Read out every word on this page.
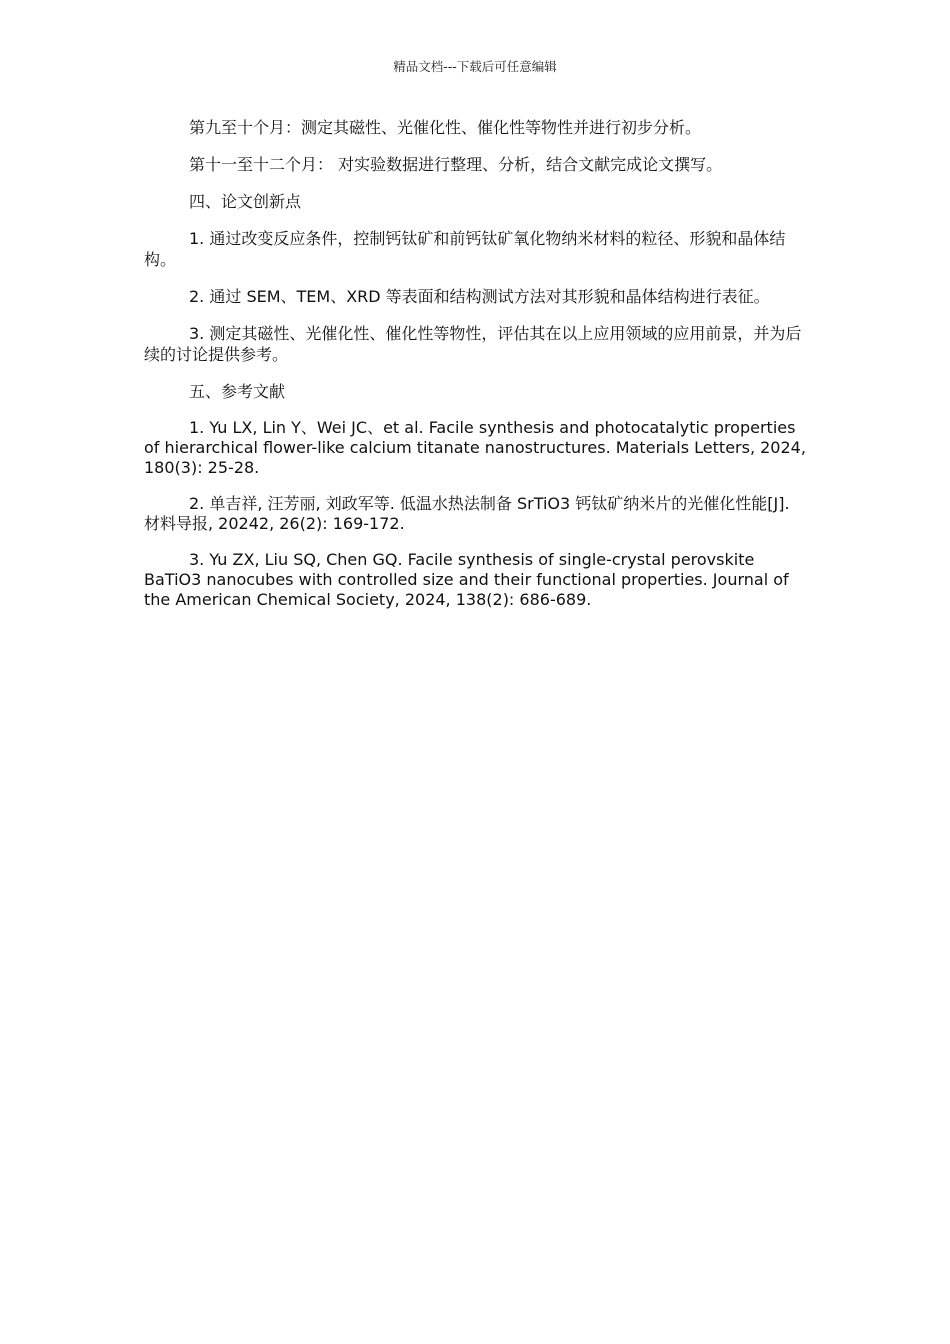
精品文档---下载后可任意编辑

第九至十个月：测定其磁性、光催化性、催化性等物性并进行初步分析。

第十一至十二个月： 对实验数据进行整理、分析，结合文献完成论文撰写。

四、论文创新点

1. 通过改变反应条件，控制钙钛矿和前钙钛矿氧化物纳米材料的粒径、形貌和晶体结构。

2. 通过 SEM、TEM、XRD 等表面和结构测试方法对其形貌和晶体结构进行表征。

3. 测定其磁性、光催化性、催化性等物性，评估其在以上应用领域的应用前景，并为后续的讨论提供参考。

五、参考文献

1. Yu LX, Lin Y、Wei JC、et al. Facile synthesis and photocatalytic properties of hierarchical flower-like calcium titanate nanostructures. Materials Letters, 2024, 180(3): 25-28.

2. 单吉祥, 汪芳丽, 刘政军等. 低温水热法制备 SrTiO3 钙钛矿纳米片的光催化性能[J]. 材料导报, 20242, 26(2): 169-172.

3. Yu ZX, Liu SQ, Chen GQ. Facile synthesis of single-crystal perovskite BaTiO3 nanocubes with controlled size and their functional properties. Journal of the American Chemical Society, 2024, 138(2): 686-689.
